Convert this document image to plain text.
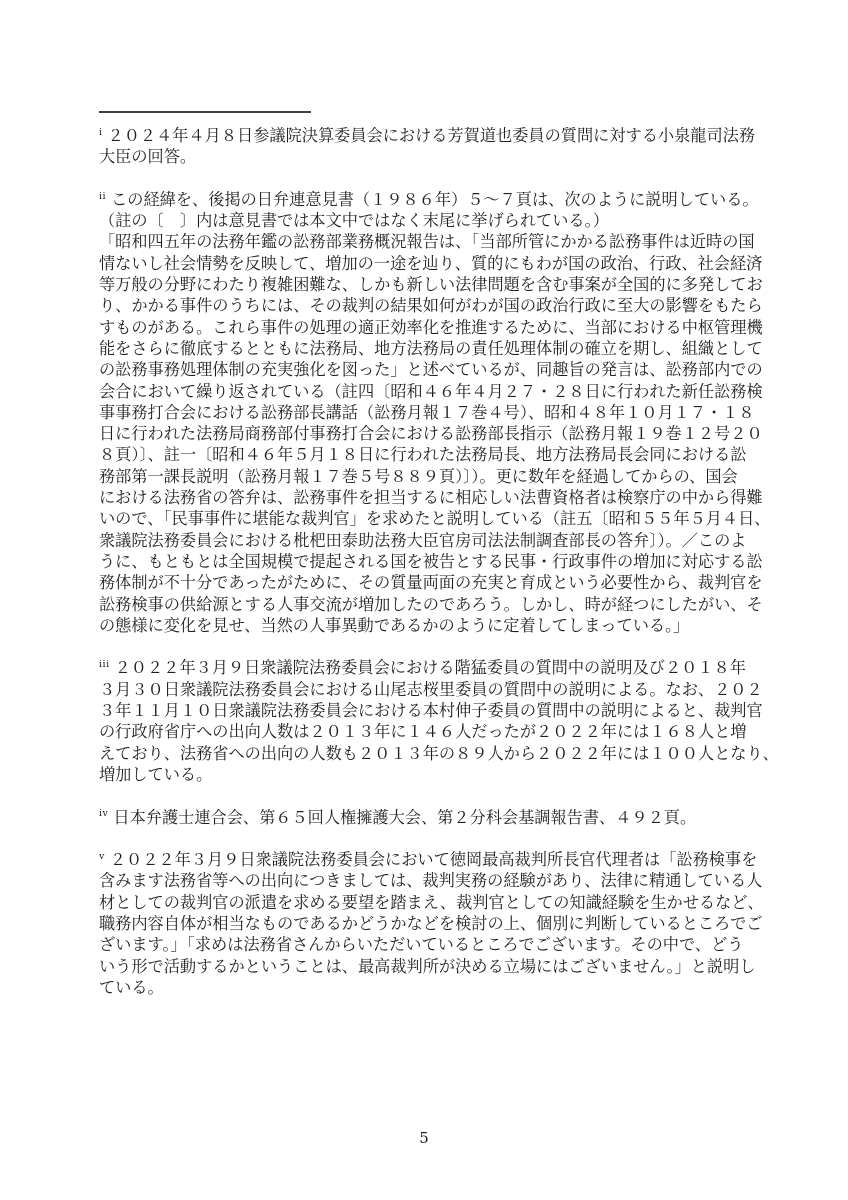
$^i$ ２０２４年４月８日参議院決算委員会における芳賀道也委員の質問に対する小泉龍司法務
大臣の回答。
$^{ii}$ この経緯を、後掲の日弁連意見書（１９８６年）５～７頁は、次のように説明している。
（註の〔　〕内は意見書では本文中ではなく末尾に挙げられている。）
「昭和四五年の法務年鑑の訟務部業務概況報告は、「当部所管にかかる訟務事件は近時の国
情ないし社会情勢を反映して、増加の一途を辿り、質的にもわが国の政治、行政、社会経済
等万般の分野にわたり複雑困難な、しかも新しい法律問題を含む事案が全国的に多発してお
り、かかる事件のうちには、その裁判の結果如何がわが国の政治行政に至大の影響をもたら
すものがある。これら事件の処理の適正効率化を推進するために、当部における中枢管理機
能をさらに徹底するとともに法務局、地方法務局の責任処理体制の確立を期し、組織として
の訟務事務処理体制の充実強化を図った」と述べているが、同趣旨の発言は、訟務部内での
会合において繰り返されている（註四〔昭和４６年４月２７・２８日に行われた新任訟務検
事事務打合会における訟務部長講話（訟務月報１７巻４号）、昭和４８年１０月１７・１８
日に行われた法務局商務部付事務打合会における訟務部長指示（訟務月報１９巻１２号２０
８頁）〕、註一〔昭和４６年５月１８日に行われた法務局長、地方法務局長会同における訟
務部第一課長説明（訟務月報１７巻５号８８９頁）〕）。更に数年を経過してからの、国会
における法務省の答弁は、訟務事件を担当するに相応しい法曹資格者は検察庁の中から得難
いので、「民事事件に堪能な裁判官」を求めたと説明している（註五〔昭和５５年５月４日、
衆議院法務委員会における枇杷田泰助法務大臣官房司法法制調査部長の答弁〕）。／このよ
うに、もともとは全国規模で提起される国を被告とする民事・行政事件の増加に対応する訟
務体制が不十分であったがために、その質量両面の充実と育成という必要性から、裁判官を
訟務検事の供給源とする人事交流が増加したのであろう。しかし、時が経つにしたがい、そ
の態様に変化を見せ、当然の人事異動であるかのように定着してしまっている。」
$^{iii}$ ２０２２年３月９日衆議院法務委員会における階猛委員の質問中の説明及び２０１８年
３月３０日衆議院法務委員会における山尾志桜里委員の質問中の説明による。なお、２０２
３年１１月１０日衆議院法務委員会における本村伸子委員の質問中の説明によると、裁判官
の行政府省庁への出向人数は２０１３年に１４６人だったが２０２２年には１６８人と増
えており、法務省への出向の人数も２０１３年の８９人から２０２２年には１００人となり、
増加している。
$^{iv}$ 日本弁護士連合会、第６５回人権擁護大会、第２分科会基調報告書、４９２頁。
$^v$ ２０２２年３月９日衆議院法務委員会において徳岡最高裁判所長官代理者は「訟務検事を
含みます法務省等への出向につきましては、裁判実務の経験があり、法律に精通している人
材としての裁判官の派遣を求める要望を踏まえ、裁判官としての知識経験を生かせるなど、
職務内容自体が相当なものであるかどうかなどを検討の上、個別に判断しているところでご
ざいます。」「求めは法務省さんからいただいているところでございます。その中で、どう
いう形で活動するかということは、最高裁判所が決める立場にはございません。」と説明し
ている。
5
